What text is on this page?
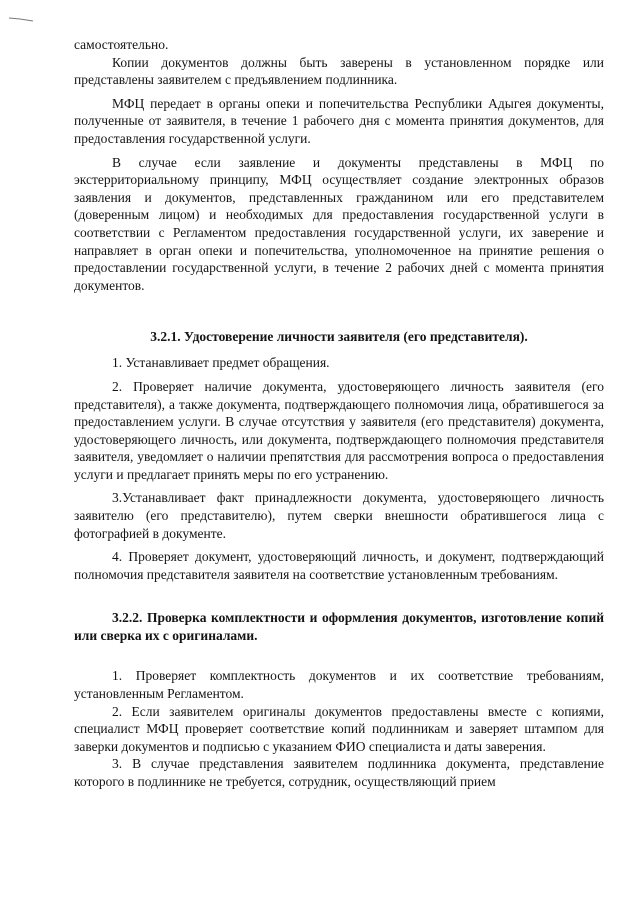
самостоятельно.

Копии документов должны быть заверены в установленном порядке или представлены заявителем с предъявлением подлинника.

МФЦ передает в органы опеки и попечительства Республики Адыгея документы, полученные от заявителя, в течение 1 рабочего дня с момента принятия документов, для предоставления государственной услуги.

В случае если заявление и документы представлены в МФЦ по экстерриториальному принципу, МФЦ осуществляет создание электронных образов заявления и документов, представленных гражданином или его представителем (доверенным лицом) и необходимых для предоставления государственной услуги в соответствии с Регламентом предоставления государственной услуги, их заверение и направляет в орган опеки и попечительства, уполномоченное на принятие решения о предоставлении государственной услуги, в течение 2 рабочих дней с момента принятия документов.

3.2.1. Удостоверение личности заявителя (его представителя).

1. Устанавливает предмет обращения.

2. Проверяет наличие документа, удостоверяющего личность заявителя (его представителя), а также документа, подтверждающего полномочия лица, обратившегося за предоставлением услуги. В случае отсутствия у заявителя (его представителя) документа, удостоверяющего личность, или документа, подтверждающего полномочия представителя заявителя, уведомляет о наличии препятствия для рассмотрения вопроса о предоставления услуги и предлагает принять меры по его устранению.

3.Устанавливает факт принадлежности документа, удостоверяющего личность заявителю (его представителю), путем сверки внешности обратившегося лица с фотографией в документе.

4. Проверяет документ, удостоверяющий личность, и документ, подтверждающий полномочия представителя заявителя на соответствие установленным требованиям.

3.2.2. Проверка комплектности и оформления документов, изготовление копий или сверка их с оригиналами.

1. Проверяет комплектность документов и их соответствие требованиям, установленным Регламентом.

2. Если заявителем оригиналы документов предоставлены вместе с копиями, специалист МФЦ проверяет соответствие копий подлинникам и заверяет штампом для заверки документов и подписью с указанием ФИО специалиста и даты заверения.

3. В случае представления заявителем подлинника документа, представление которого в подлиннике не требуется, сотрудник, осуществляющий прием
